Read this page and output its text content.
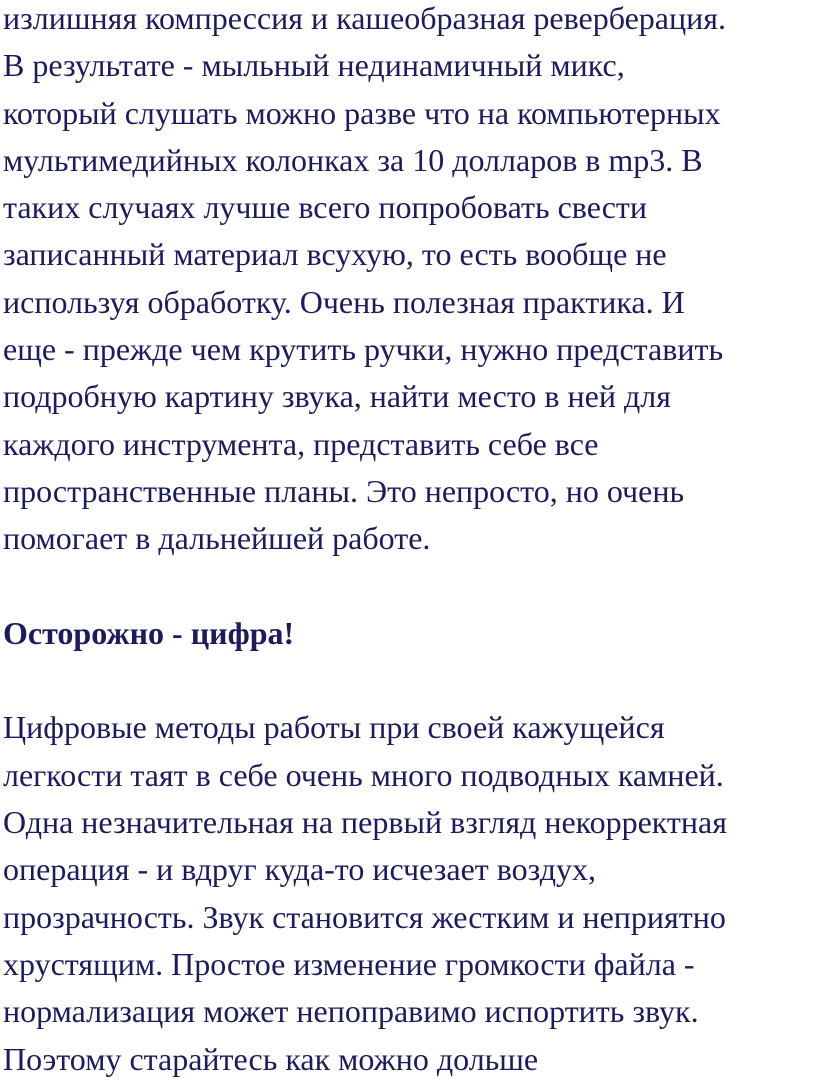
излишняя компрессия и кашеобразная реверберация.
В результате - мыльный нединамичный микс,
который слушать можно разве что на компьютерных
мультимедийных колонках за 10 долларов в mp3. В
таких случаях лучше всего попробовать свести
записанный материал всухую, то есть вообще не
используя обработку. Очень полезная практика. И
еще - прежде чем крутить ручки, нужно представить
подробную картину звука, найти место в ней для
каждого инструмента, представить себе все
пространственные планы. Это непросто, но очень
помогает в дальнейшей работе.
Осторожно - цифра!
Цифровые методы работы при своей кажущейся
легкости таят в себе очень много подводных камней.
Одна незначительная на первый взгляд некорректная
операция - и вдруг куда-то исчезает воздух,
прозрачность. Звук становится жестким и неприятно
хрустящим. Простое изменение громкости файла -
нормализация может непоправимо испортить звук.
Поэтому старайтесь как можно дольше
